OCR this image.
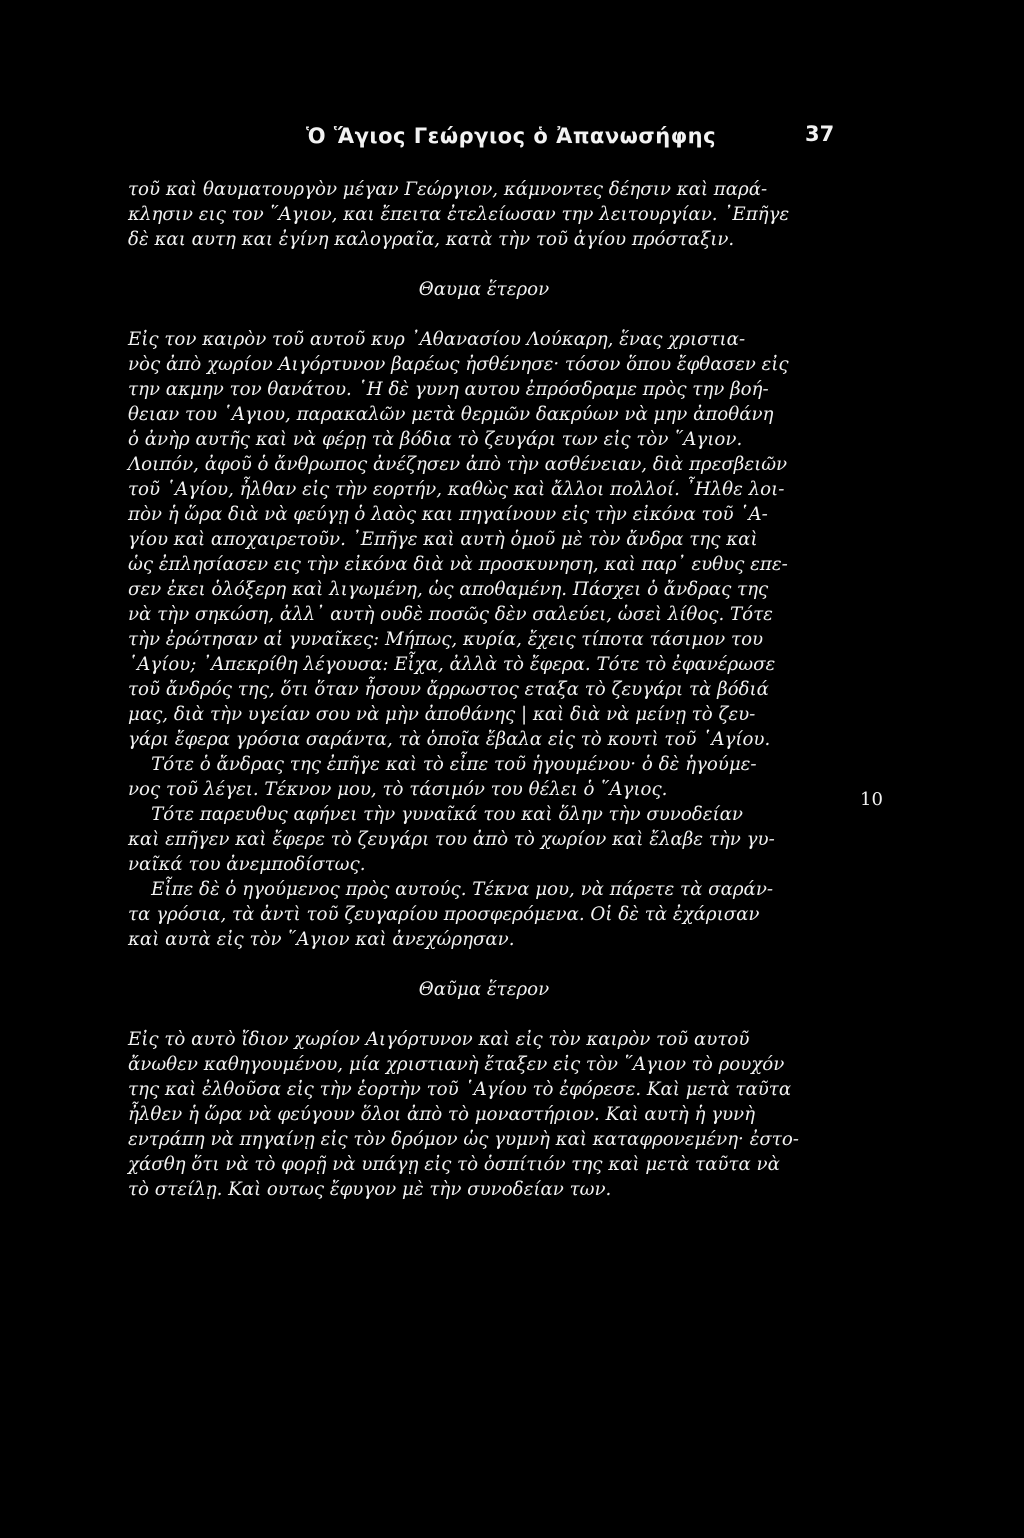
Ὁ Ἅγιος Γεώργιος ὁ Ἀπανωσήφης	37
τοῦ καὶ θαυματουργὸν μέγαν Γεώργιον, κάμνοντες δέησιν καὶ παρά-
κλησιν εις τον ῞Αγιον, και ἔπειτα ἐτελείωσαν την λειτουργίαν. ᾿Επῆγε
δὲ και αυτη και ἐγίνη καλογραῖα, κατὰ τὴν τοῦ ἁγίου πρόσταξιν.
Θαυμα ἕτερον
Εἰς τον καιρὸν τοῦ αυτοῦ κυρ ᾿Αθανασίου Λούκαρη, ἕνας χριστια-
νὸς ἀπὸ χωρίον Αιγόρτυνον βαρέως ἠσθένησε· τόσον ὅπου ἔφθασεν εἰς
την ακμην τον θανάτου. ῾Η δὲ γυνη αυτου ἐπρόσδραμε πρὸς την βοή-
θειαν του ῾Αγιου, παρακαλῶν μετὰ θερμῶν δακρύων νὰ μην ἀποθάνη
ὁ ἀνὴρ αυτῆς καὶ νὰ φέρῃ τὰ βόδια τὸ ζευγάρι των εἰς τὸν ῞Αγιον.
Λοιπόν, ἀφοῦ ὁ ἄνθρωπος ἀνέζησεν ἀπὸ τὴν ασθένειαν, διὰ πρεσβειῶν
τοῦ ῾Αγίου, ἦλθαν εἰς τὴν εορτήν, καθὼς καὶ ἄλλοι πολλοί. ῏Ηλθε λοι-
πὸν ἡ ὥρα διὰ νὰ φεύγῃ ὁ λαὸς και πηγαίνουν εἰς τὴν εἰκόνα τοῦ ῾Α-
γίου καὶ αποχαιρετοῦν. ᾿Επῆγε καὶ αυτὴ ὁμοῦ μὲ τὸν ἄνδρα της καὶ
ὡς ἐπλησίασεν εις τὴν εἰκόνα διὰ νὰ προσκυνηση, καὶ παρ᾿ ευθυς επε-
σεν ἐκει ὁλόξερη καὶ λιγωμένη, ὡς αποθαμένη. Πάσχει ὁ ἄνδρας της
νὰ τὴν σηκώση, ἀλλ᾿ αυτὴ ουδὲ ποσῶς δὲν σαλεύει, ὡσεὶ λίθος. Τότε
τὴν ἐρώτησαν αἱ γυναῖκες: Μήπως, κυρία, ἔχεις τίποτα τάσιμον του
῾Αγίου; ᾿Απεκρίθη λέγουσα: Εἶχα, ἀλλὰ τὸ ἔφερα. Τότε τὸ ἐφανέρωσε
τοῦ ἄνδρός της, ὅτι ὅταν ἦσουν ἄρρωστος εταξα τὸ ζευγάρι τὰ βόδιά
μας, διὰ τὴν υγείαν σου νὰ μὴν ἀποθάνης | καὶ διὰ νὰ μείνῃ τὸ ζευ-
γάρι ἔφερα γρόσια σαράντα, τὰ ὁποῖα ἔβαλα εἰς τὸ κουτὶ τοῦ ῾Αγίου.
Τότε ὁ ἄνδρας της ἐπῆγε καὶ τὸ εἶπε τοῦ ἡγουμένου· ὁ δὲ ἡγούμε-
νος τοῦ λέγει. Τέκνον μου, τὸ τάσιμόν του θέλει ὁ ῞Αγιος.
Τότε παρευθυς αφήνει τὴν γυναῖκά του καὶ ὅλην τὴν συνοδείαν
καὶ επῆγεν καὶ ἔφερε τὸ ζευγάρι του ἀπὸ τὸ χωρίον καὶ ἔλαβε τὴν γυ-
ναῖκά του ἀνεμποδίστως.
Εἶπε δὲ ὁ ηγούμενος πρὸς αυτούς. Τέκνα μου, νὰ πάρετε τὰ σαράν-
τα γρόσια, τὰ ἀντὶ τοῦ ζευγαρίου προσφερόμενα. Οἱ δὲ τὰ ἐχάρισαν
καὶ αυτὰ εἰς τὸν ῞Αγιον καὶ ἀνεχώρησαν.
Θαῦμα ἕτερον
Εἰς τὸ αυτὸ ἴδιον χωρίον Αιγόρτυνον καὶ εἰς τὸν καιρὸν τοῦ αυτοῦ
ἄνωθεν καθηγουμένου, μία χριστιανὴ ἔταξεν εἰς τὸν ῞Αγιον τὸ ρουχόν
της καὶ ἐλθοῦσα εἰς τὴν ἑορτὴν τοῦ ῾Αγίου τὸ ἐφόρεσε. Καὶ μετὰ ταῦτα
ἦλθεν ἡ ὥρα νὰ φεύγουν ὅλοι ἀπὸ τὸ μοναστήριον. Καὶ αυτὴ ἡ γυνὴ
εντράπη νὰ πηγαίνῃ εἰς τὸν δρόμον ὡς γυμνὴ καὶ καταφρονεμένη· ἐστο-
χάσθη ὅτι νὰ τὸ φορῇ νὰ υπάγῃ εἰς τὸ ὁσπίτιόν της καὶ μετὰ ταῦτα νὰ
τὸ στείλῃ. Καὶ ουτως ἔφυγον μὲ τὴν συνοδείαν των.
10
